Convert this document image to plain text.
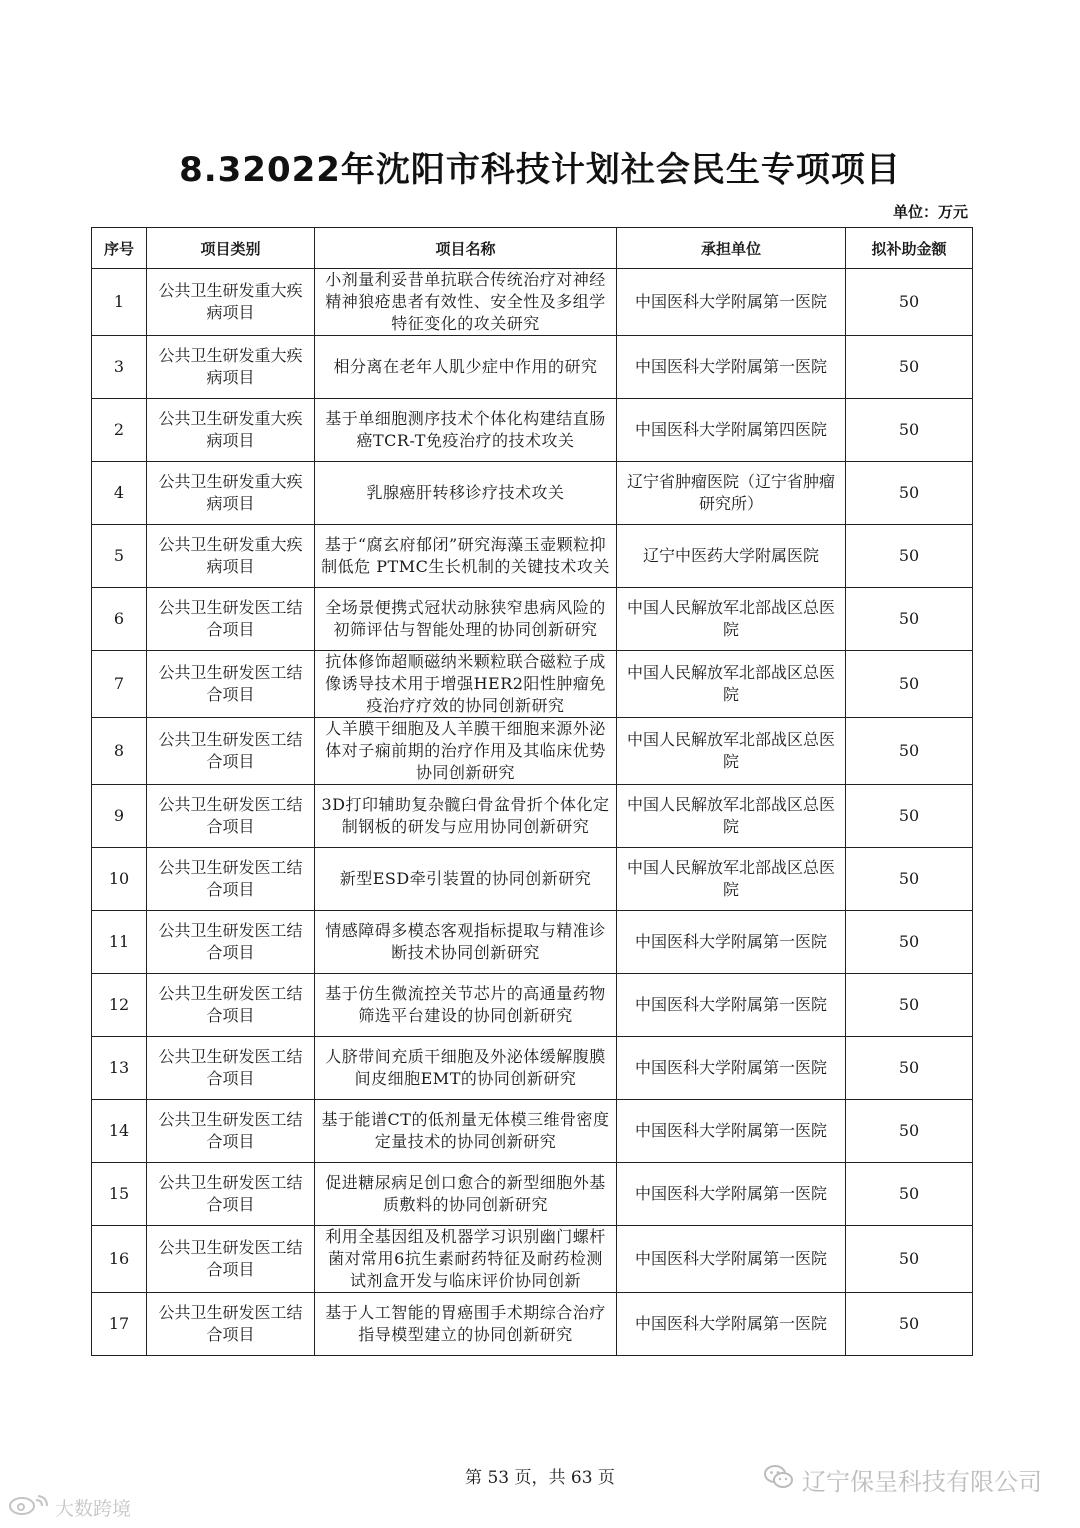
8.32022年沈阳市科技计划社会民生专项项目
单位：万元
序号	项目类别	项目名称	承担单位	拟补助金额
1	公共卫生研发重大疾病项目	小剂量利妥昔单抗联合传统治疗对神经精神狼疮患者有效性、安全性及多组学特征变化的攻关研究	中国医科大学附属第一医院	50
3	公共卫生研发重大疾病项目	相分离在老年人肌少症中作用的研究	中国医科大学附属第一医院	50
2	公共卫生研发重大疾病项目	基于单细胞测序技术个体化构建结直肠癌TCR-T免疫治疗的技术攻关	中国医科大学附属第四医院	50
4	公共卫生研发重大疾病项目	乳腺癌肝转移诊疗技术攻关	辽宁省肿瘤医院（辽宁省肿瘤研究所）	50
5	公共卫生研发重大疾病项目	基于“腐玄府郁闭”研究海藻玉壶颗粒抑制低危 PTMC生长机制的关键技术攻关	辽宁中医药大学附属医院	50
6	公共卫生研发医工结合项目	全场景便携式冠状动脉狭窄患病风险的初筛评估与智能处理的协同创新研究	中国人民解放军北部战区总医院	50
7	公共卫生研发医工结合项目	抗体修饰超顺磁纳米颗粒联合磁粒子成像诱导技术用于增强HER2阳性肿瘤免疫治疗疗效的协同创新研究	中国人民解放军北部战区总医院	50
8	公共卫生研发医工结合项目	人羊膜干细胞及人羊膜干细胞来源外泌体对子痫前期的治疗作用及其临床优势协同创新研究	中国人民解放军北部战区总医院	50
9	公共卫生研发医工结合项目	3D打印辅助复杂髋臼骨盆骨折个体化定制钢板的研发与应用协同创新研究	中国人民解放军北部战区总医院	50
10	公共卫生研发医工结合项目	新型ESD牵引装置的协同创新研究	中国人民解放军北部战区总医院	50
11	公共卫生研发医工结合项目	情感障碍多模态客观指标提取与精准诊断技术协同创新研究	中国医科大学附属第一医院	50
12	公共卫生研发医工结合项目	基于仿生微流控关节芯片的高通量药物筛选平台建设的协同创新研究	中国医科大学附属第一医院	50
13	公共卫生研发医工结合项目	人脐带间充质干细胞及外泌体缓解腹膜间皮细胞EMT的协同创新研究	中国医科大学附属第一医院	50
14	公共卫生研发医工结合项目	基于能谱CT的低剂量无体模三维骨密度定量技术的协同创新研究	中国医科大学附属第一医院	50
15	公共卫生研发医工结合项目	促进糖尿病足创口愈合的新型细胞外基质敷料的协同创新研究	中国医科大学附属第一医院	50
16	公共卫生研发医工结合项目	利用全基因组及机器学习识别幽门螺杆菌对常用6抗生素耐药特征及耐药检测试剂盒开发与临床评价协同创新	中国医科大学附属第一医院	50
17	公共卫生研发医工结合项目	基于人工智能的胃癌围手术期综合治疗指导模型建立的协同创新研究	中国医科大学附属第一医院	50
第 53 页，共 63 页	辽宁保呈科技有限公司
大数跨境
